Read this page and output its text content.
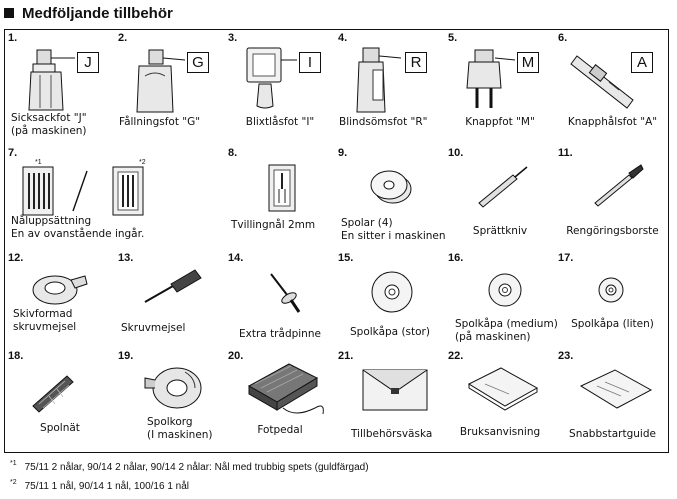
Medföljande tillbehör
1.
J
Sicksackfot "J"
(på maskinen)
2.
G
Fållningsfot "G"
3.
I
Blixtlåsfot "I"
4.
R
Blindsömsfot "R"
5.
M
Knappfot "M"
6.
A
Knapphålsfot "A"
7.
*1	*2
Nåluppsättning
En av ovanstående ingår.
8.
Tvillingnål 2mm
9.
Spolar (4)
En sitter i maskinen
10.
Sprättkniv
11.
Rengöringsborste
12.
Skivformad
skruvmejsel
13.
Skruvmejsel
14.
Extra trådpinne
15.
Spolkåpa (stor)
16.
Spolkåpa (medium)
(på maskinen)
17.
Spolkåpa (liten)
18.
Spolnät
19.
Spolkorg
(I maskinen)
20.
Fotpedal
21.
Tillbehörsväska
22.
Bruksanvisning
23.
Snabbstartguide
$^{*1}$ 75/11 2 nålar, 90/14 2 nålar, 90/14 2 nålar: Nål med trubbig spets (guldfärgad)
$^{*2}$ 75/11 1 nål, 90/14 1 nål, 100/16 1 nål
